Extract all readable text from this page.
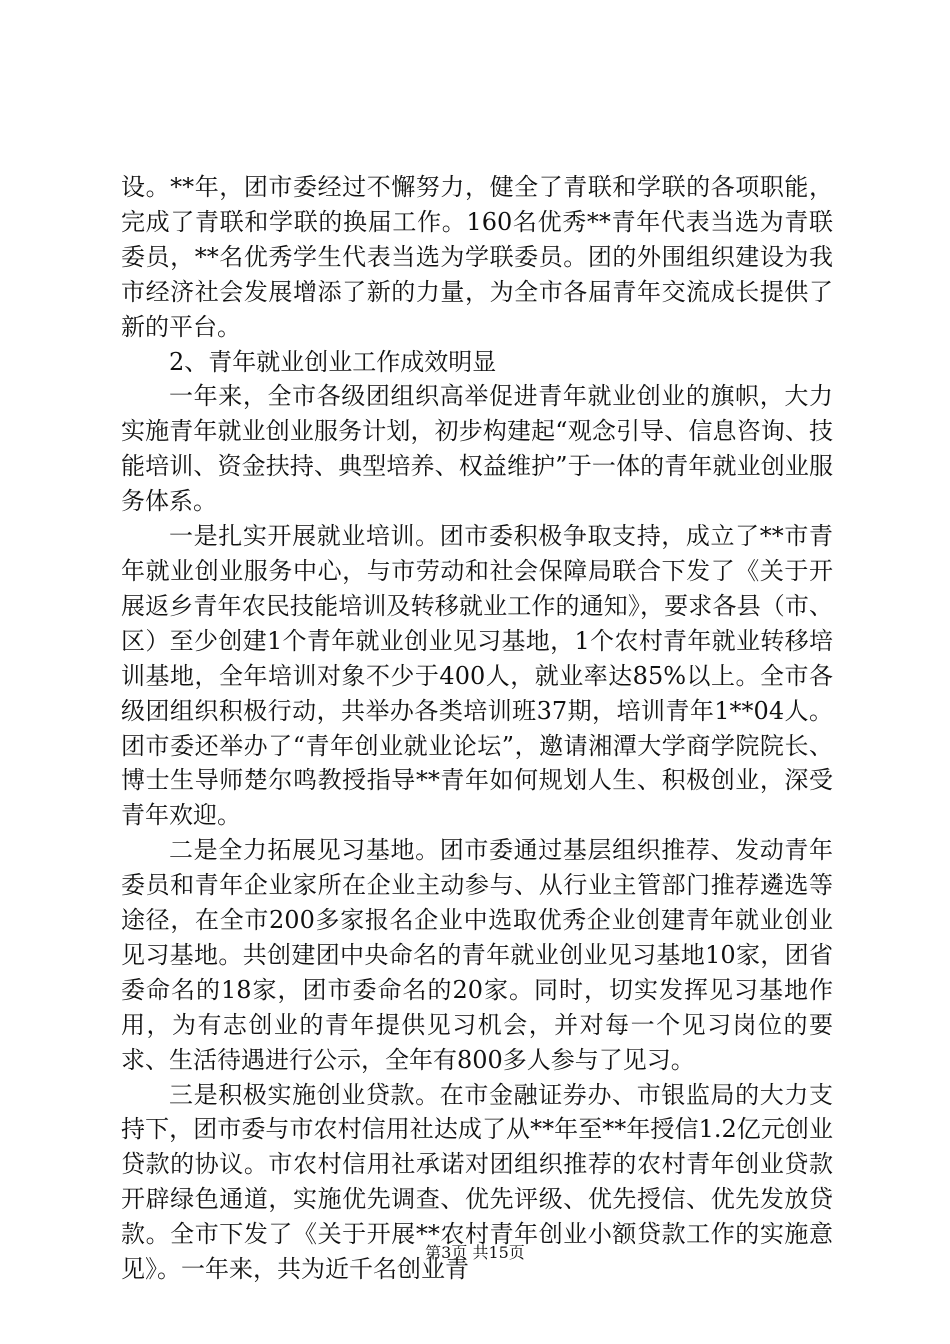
设。**年，团市委经过不懈努力，健全了青联和学联的各项职能，完成了青联和学联的换届工作。160名优秀**青年代表当选为青联委员，**名优秀学生代表当选为学联委员。团的外围组织建设为我市经济社会发展增添了新的力量，为全市各届青年交流成长提供了新的平台。

2、青年就业创业工作成效明显

一年来，全市各级团组织高举促进青年就业创业的旗帜，大力实施青年就业创业服务计划，初步构建起“观念引导、信息咨询、技能培训、资金扶持、典型培养、权益维护”于一体的青年就业创业服务体系。

一是扎实开展就业培训。团市委积极争取支持，成立了**市青年就业创业服务中心，与市劳动和社会保障局联合下发了《关于开展返乡青年农民技能培训及转移就业工作的通知》，要求各县（市、区）至少创建1个青年就业创业见习基地，1个农村青年就业转移培训基地，全年培训对象不少于400人，就业率达85%以上。全市各级团组织积极行动，共举办各类培训班37期，培训青年1**04人。团市委还举办了“青年创业就业论坛”，邀请湘潭大学商学院院长、博士生导师楚尔鸣教授指导**青年如何规划人生、积极创业，深受青年欢迎。

二是全力拓展见习基地。团市委通过基层组织推荐、发动青年委员和青年企业家所在企业主动参与、从行业主管部门推荐遴选等途径，在全市200多家报名企业中选取优秀企业创建青年就业创业见习基地。共创建团中央命名的青年就业创业见习基地10家，团省委命名的18家，团市委命名的20家。同时，切实发挥见习基地作用，为有志创业的青年提供见习机会，并对每一个见习岗位的要求、生活待遇进行公示，全年有800多人参与了见习。

三是积极实施创业贷款。在市金融证券办、市银监局的大力支持下，团市委与市农村信用社达成了从**年至**年授信1.2亿元创业贷款的协议。市农村信用社承诺对团组织推荐的农村青年创业贷款开辟绿色通道，实施优先调查、优先评级、优先授信、优先发放贷款。全市下发了《关于开展**农村青年创业小额贷款工作的实施意见》。一年来，共为近千名创业青

第3页 共15页
